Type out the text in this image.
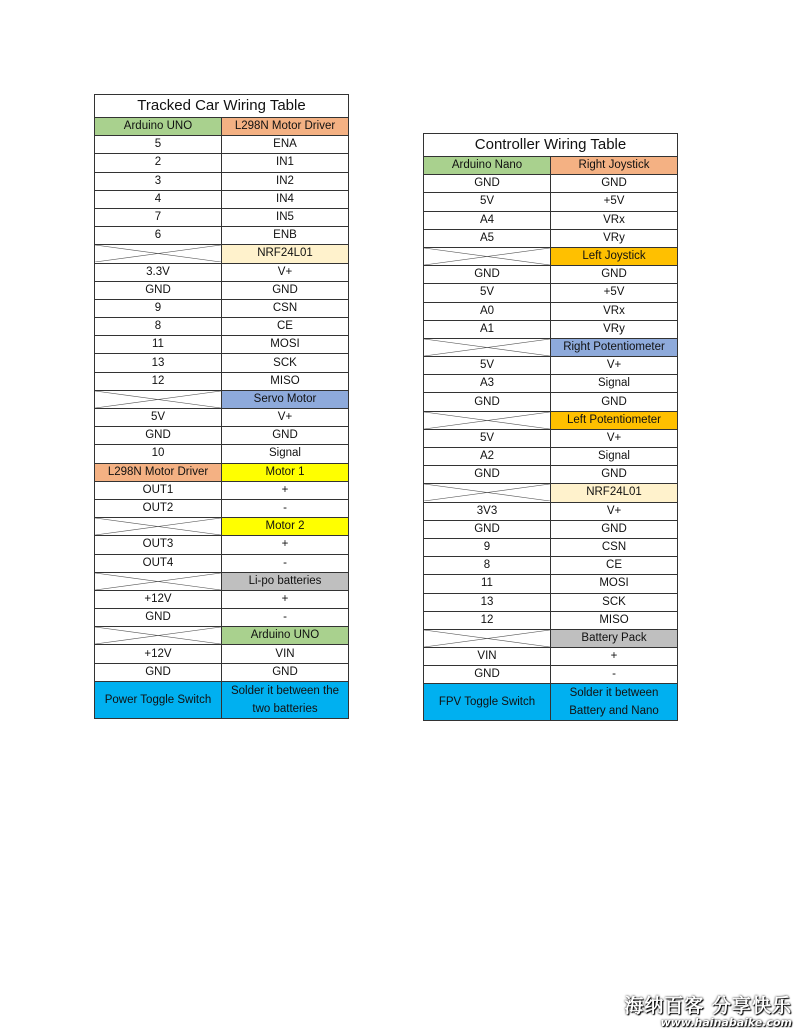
Tracked Car Wiring Table	
Arduino UNO	L298N Motor Driver
5	ENA
2	IN1
3	IN2
4	IN4
7	IN5
6	ENB

	NRF24L01
3.3V	V+
GND	GND
9	CSN
8	CE
11	MOSI
13	SCK
12	MISO

	Servo Motor
5V	V+
GND	GND
10	Signal
L298N Motor Driver	Motor 1
OUT1	+
OUT2	-

	Motor 2
OUT3	+
OUT4	-

	Li-po batteries
+12V	+
GND	-

	Arduino UNO
+12V	VIN
GND	GND
Power Toggle Switch	Solder it between the two batteries
Controller Wiring Table	
Arduino Nano	Right Joystick
GND	GND
5V	+5V
A4	VRx
A5	VRy

	Left Joystick
GND	GND
5V	+5V
A0	VRx
A1	VRy

	Right Potentiometer
5V	V+
A3	Signal
GND	GND

	Left Potentiometer
5V	V+
A2	Signal
GND	GND

	NRF24L01
3V3	V+
GND	GND
9	CSN
8	CE
11	MOSI
13	SCK
12	MISO

	Battery Pack
VIN	+
GND	-
FPV Toggle Switch	Solder it between Battery and Nano
海纳百客 分享快乐
www.hainabaike.com
